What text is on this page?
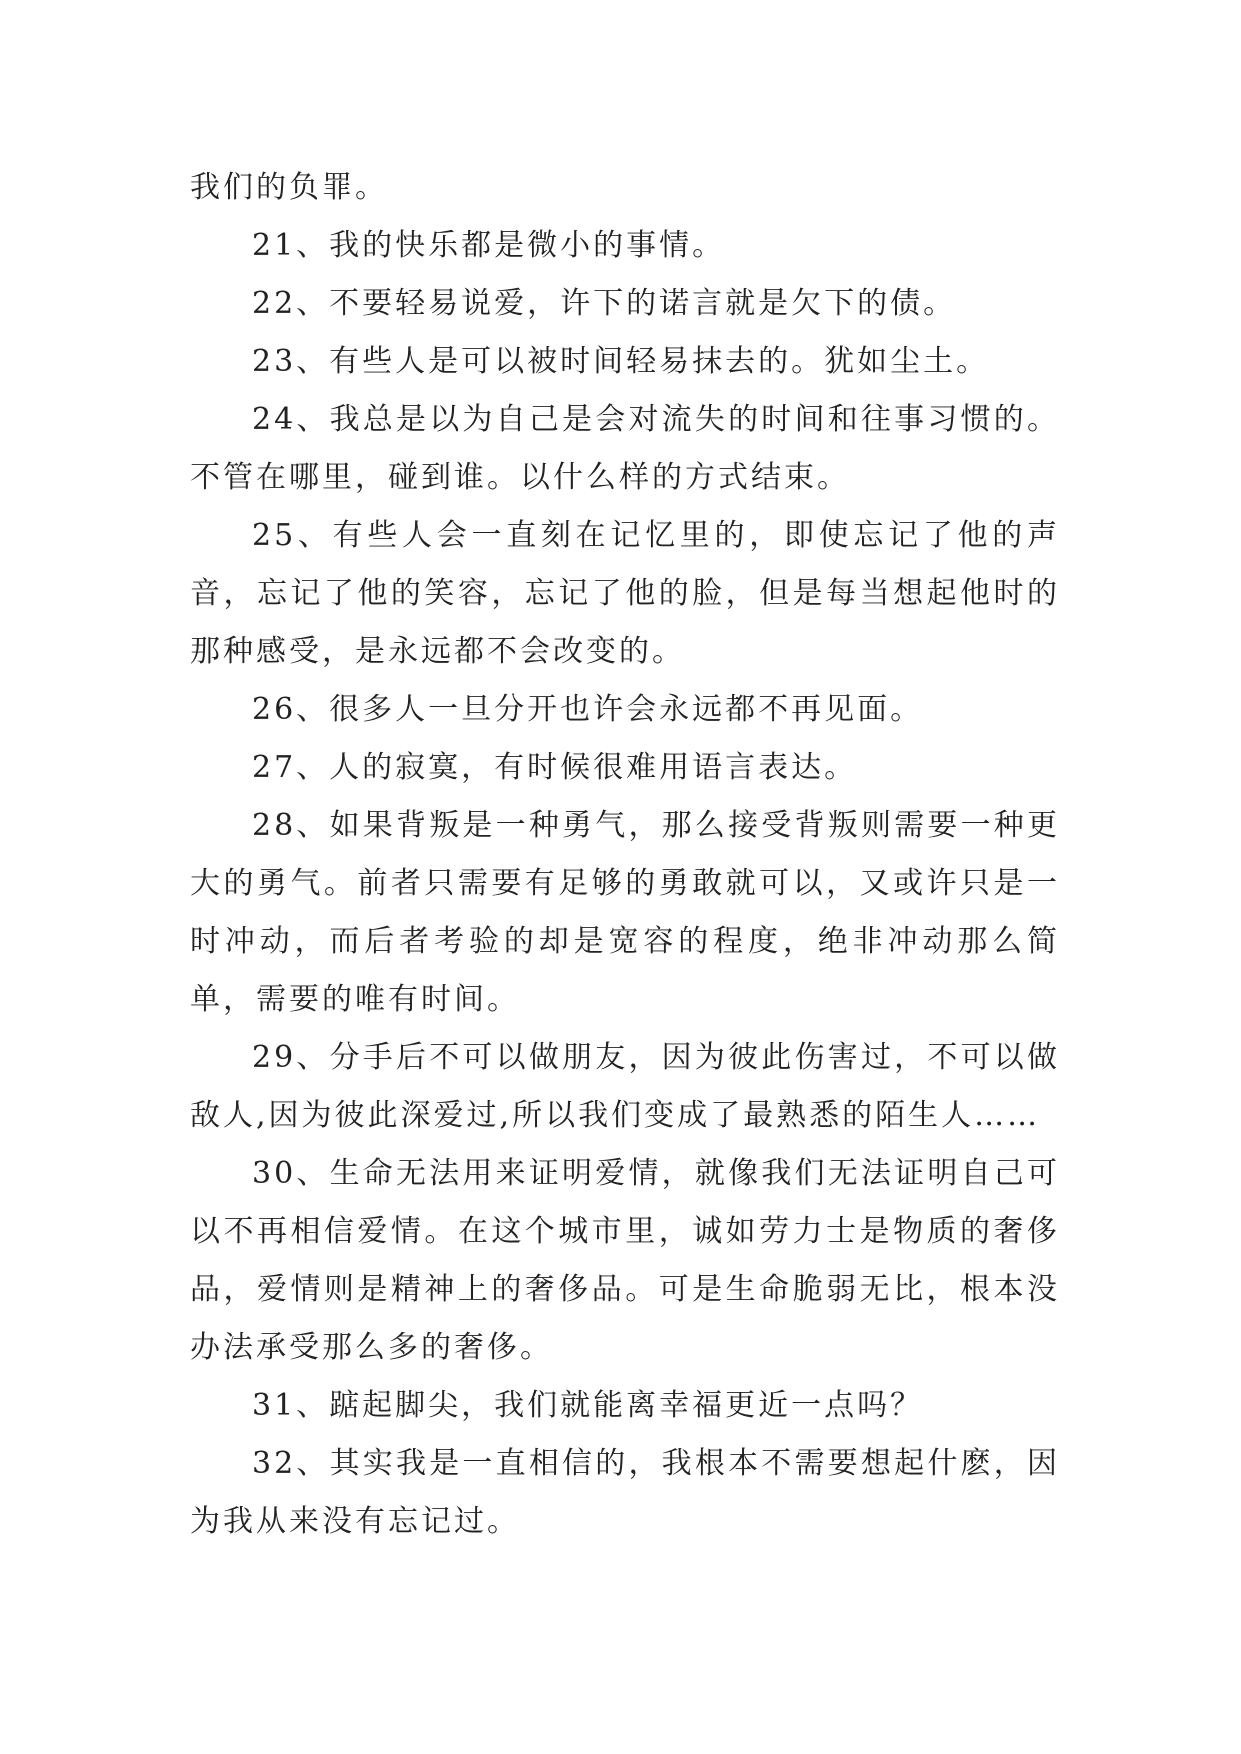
我们的负罪。

21、我的快乐都是微小的事情。

22、不要轻易说爱，许下的诺言就是欠下的债。

23、有些人是可以被时间轻易抹去的。犹如尘土。

24、我总是以为自己是会对流失的时间和往事习惯的。不管在哪里，碰到谁。以什么样的方式结束。

25、有些人会一直刻在记忆里的，即使忘记了他的声音，忘记了他的笑容，忘记了他的脸，但是每当想起他时的那种感受，是永远都不会改变的。

26、很多人一旦分开也许会永远都不再见面。

27、人的寂寞，有时候很难用语言表达。

28、如果背叛是一种勇气，那么接受背叛则需要一种更大的勇气。前者只需要有足够的勇敢就可以，又或许只是一时冲动，而后者考验的却是宽容的程度，绝非冲动那么简单，需要的唯有时间。

29、分手后不可以做朋友，因为彼此伤害过，不可以做敌人,因为彼此深爱过,所以我们变成了最熟悉的陌生人……

30、生命无法用来证明爱情，就像我们无法证明自己可以不再相信爱情。在这个城市里，诚如劳力士是物质的奢侈品，爱情则是精神上的奢侈品。可是生命脆弱无比，根本没办法承受那么多的奢侈。

31、踮起脚尖，我们就能离幸福更近一点吗？

32、其实我是一直相信的，我根本不需要想起什麽，因为我从来没有忘记过。
